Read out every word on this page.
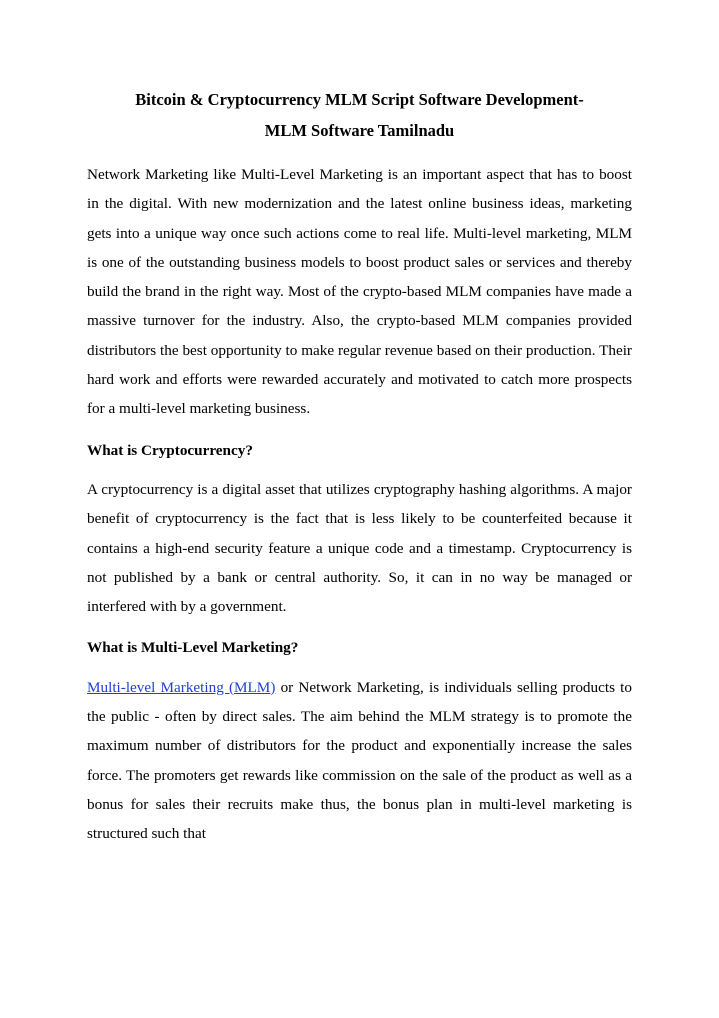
Bitcoin & Cryptocurrency MLM Script Software Development-
MLM Software Tamilnadu

Network Marketing like Multi-Level Marketing is an important aspect that has to boost in the digital. With new modernization and the latest online business ideas, marketing gets into a unique way once such actions come to real life. Multi-level marketing, MLM is one of the outstanding business models to boost product sales or services and thereby build the brand in the right way. Most of the crypto-based MLM companies have made a massive turnover for the industry. Also, the crypto-based MLM companies provided distributors the best opportunity to make regular revenue based on their production. Their hard work and efforts were rewarded accurately and motivated to catch more prospects for a multi-level marketing business.

What is Cryptocurrency?

A cryptocurrency is a digital asset that utilizes cryptography hashing algorithms. A major benefit of cryptocurrency is the fact that is less likely to be counterfeited because it contains a high-end security feature a unique code and a timestamp. Cryptocurrency is not published by a bank or central authority. So, it can in no way be managed or interfered with by a government.

What is Multi-Level Marketing?

Multi-level Marketing (MLM) or Network Marketing, is individuals selling products to the public - often by direct sales. The aim behind the MLM strategy is to promote the maximum number of distributors for the product and exponentially increase the sales force. The promoters get rewards like commission on the sale of the product as well as a bonus for sales their recruits make thus, the bonus plan in multi-level marketing is structured such that
